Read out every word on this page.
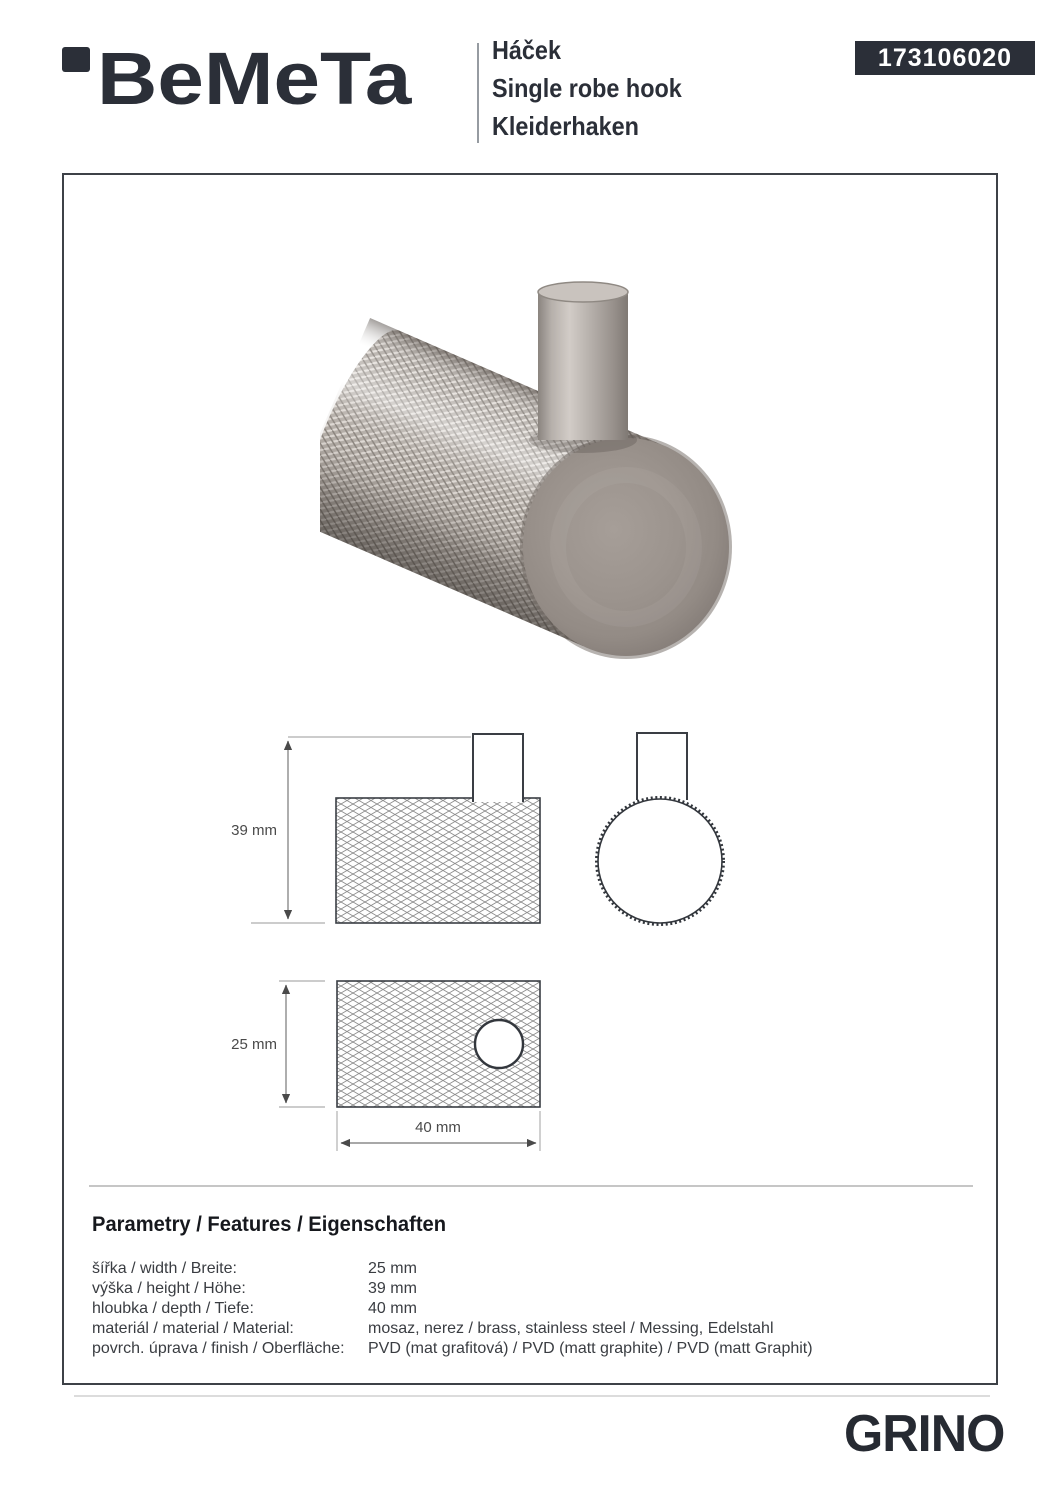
BeMeTa	Háček
Single robe hook
Kleiderhaken
173106020
39 mm
25 mm
40 mm
Parametry / Features / Eigenschaften
šířka / width / Breite:	25 mm
výška / height / Höhe:	39 mm
hloubka / depth / Tiefe:	40 mm
materiál / material / Material:	mosaz, nerez / brass, stainless steel / Messing, Edelstahl
povrch. úprava / finish / Oberfläche:	PVD (mat grafitová) / PVD (matt graphite) / PVD (matt Graphit)
GRINO
